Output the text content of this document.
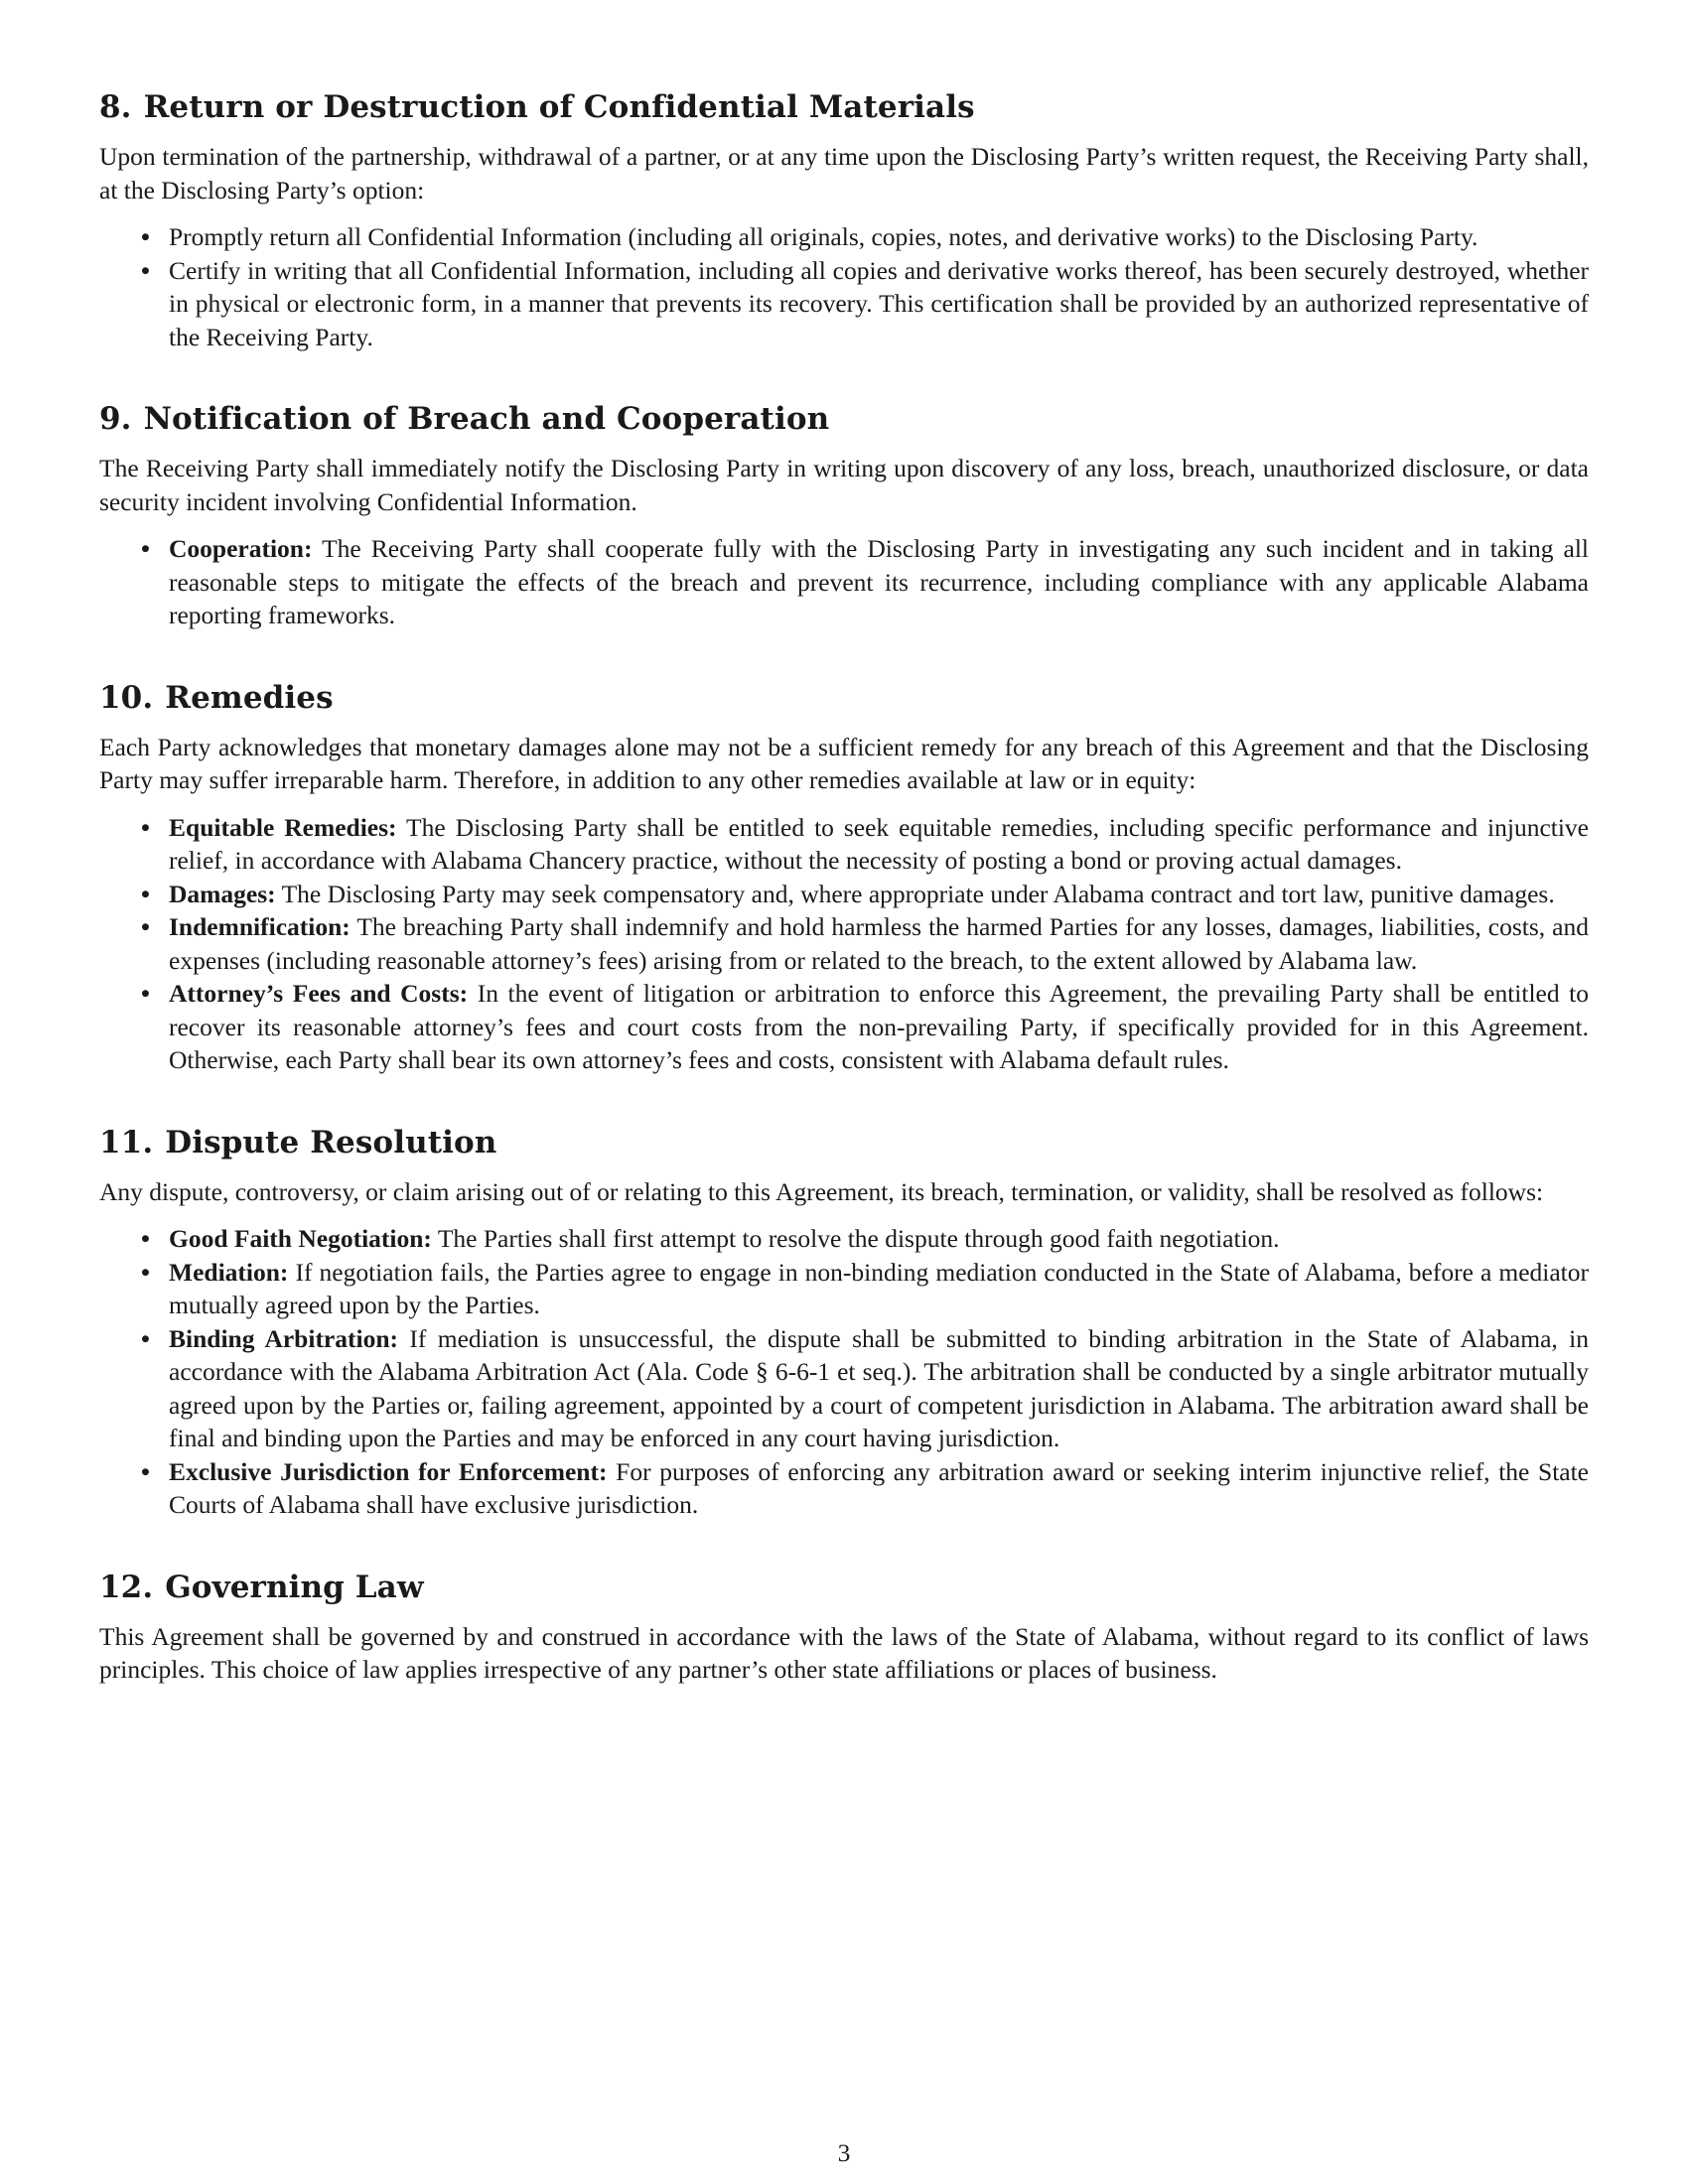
8. Return or Destruction of Confidential Materials

Upon termination of the partnership, withdrawal of a partner, or at any time upon the Disclosing Party’s written request, the Receiving Party shall, at the Disclosing Party’s option:

• Promptly return all Confidential Information (including all originals, copies, notes, and derivative works) to the Disclosing Party.
• Certify in writing that all Confidential Information, including all copies and derivative works thereof, has been securely destroyed, whether in physical or electronic form, in a manner that prevents its recovery. This certification shall be provided by an authorized representative of the Receiving Party.
9. Notification of Breach and Cooperation

The Receiving Party shall immediately notify the Disclosing Party in writing upon discovery of any loss, breach, unauthorized disclosure, or data security incident involving Confidential Information.

• Cooperation: The Receiving Party shall cooperate fully with the Disclosing Party in investigating any such incident and in taking all reasonable steps to mitigate the effects of the breach and prevent its recurrence, including compliance with any applicable Alabama reporting frameworks.
10. Remedies

Each Party acknowledges that monetary damages alone may not be a sufficient remedy for any breach of this Agreement and that the Disclosing Party may suffer irreparable harm. Therefore, in addition to any other remedies available at law or in equity:

• Equitable Remedies: The Disclosing Party shall be entitled to seek equitable remedies, including specific performance and injunctive relief, in accordance with Alabama Chancery practice, without the necessity of posting a bond or proving actual damages.
• Damages: The Disclosing Party may seek compensatory and, where appropriate under Alabama contract and tort law, punitive damages.
• Indemnification: The breaching Party shall indemnify and hold harmless the harmed Parties for any losses, damages, liabilities, costs, and expenses (including reasonable attorney’s fees) arising from or related to the breach, to the extent allowed by Alabama law.
• Attorney’s Fees and Costs: In the event of litigation or arbitration to enforce this Agreement, the prevailing Party shall be entitled to recover its reasonable attorney’s fees and court costs from the non-prevailing Party, if specifically provided for in this Agreement. Otherwise, each Party shall bear its own attorney’s fees and costs, consistent with Alabama default rules.
11. Dispute Resolution

Any dispute, controversy, or claim arising out of or relating to this Agreement, its breach, termination, or validity, shall be resolved as follows:

• Good Faith Negotiation: The Parties shall first attempt to resolve the dispute through good faith negotiation.
• Mediation: If negotiation fails, the Parties agree to engage in non-binding mediation conducted in the State of Alabama, before a mediator mutually agreed upon by the Parties.
• Binding Arbitration: If mediation is unsuccessful, the dispute shall be submitted to binding arbitration in the State of Alabama, in accordance with the Alabama Arbitration Act (Ala. Code § 6-6-1 et seq.). The arbitration shall be conducted by a single arbitrator mutually agreed upon by the Parties or, failing agreement, appointed by a court of competent jurisdiction in Alabama. The arbitration award shall be final and binding upon the Parties and may be enforced in any court having jurisdiction.
• Exclusive Jurisdiction for Enforcement: For purposes of enforcing any arbitration award or seeking interim injunctive relief, the State Courts of Alabama shall have exclusive jurisdiction.
12. Governing Law

This Agreement shall be governed by and construed in accordance with the laws of the State of Alabama, without regard to its conflict of laws principles. This choice of law applies irrespective of any partner’s other state affiliations or places of business.

3
